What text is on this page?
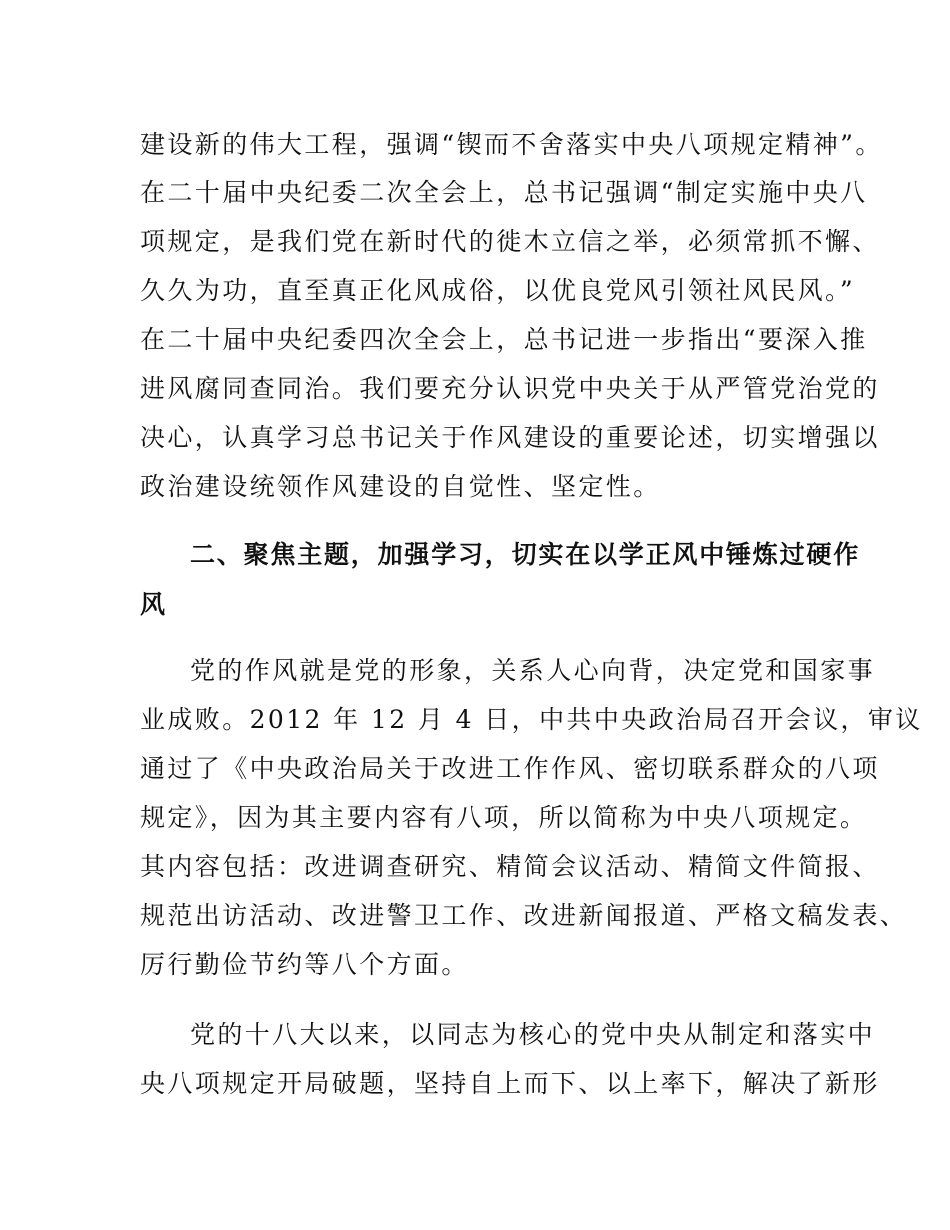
建设新的伟大工程，强调“锲而不舍落实中央八项规定精神”。
在二十届中央纪委二次全会上，总书记强调“制定实施中央八
项规定，是我们党在新时代的徙木立信之举，必须常抓不懈、
久久为功，直至真正化风成俗，以优良党风引领社风民风。”
在二十届中央纪委四次全会上，总书记进一步指出“要深入推
进风腐同查同治。我们要充分认识党中央关于从严管党治党的
决心，认真学习总书记关于作风建设的重要论述，切实增强以
政治建设统领作风建设的自觉性、坚定性。
二、聚焦主题，加强学习，切实在以学正风中锤炼过硬作
风
党的作风就是党的形象，关系人心向背，决定党和国家事
业成败。2012 年 12 月 4 日，中共中央政治局召开会议，审议
通过了《中央政治局关于改进工作作风、密切联系群众的八项
规定》，因为其主要内容有八项，所以简称为中央八项规定。
其内容包括：改进调查研究、精简会议活动、精简文件简报、
规范出访活动、改进警卫工作、改进新闻报道、严格文稿发表、
厉行勤俭节约等八个方面。
党的十八大以来，以同志为核心的党中央从制定和落实中
央八项规定开局破题，坚持自上而下、以上率下，解决了新形
